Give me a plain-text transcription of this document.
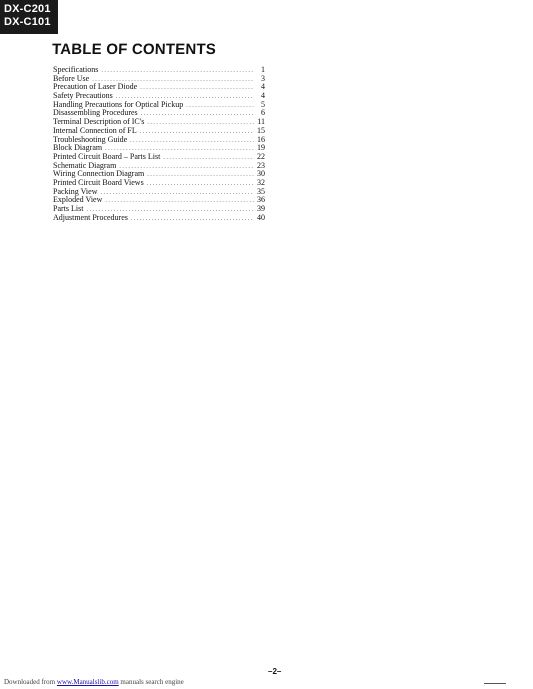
DX-C201
DX-C101
TABLE OF CONTENTS
Specifications .....	1
Before Use .....	3
Precaution of Laser Diode .....	4
Safety Precautions .....	4
Handling Precautions for Optical Pickup .....	5
Disassembling Procedures .....	6
Terminal Description of IC's .....	11
Internal Connection of FL .....	15
Troubleshooting Guide .....	16
Block Diagram .....	19
Printed Circuit Board – Parts List .....	22
Schematic Diagram .....	23
Wiring Connection Diagram .....	30
Printed Circuit Board Views .....	32
Packing View .....	35
Exploded View .....	36
Parts List .....	39
Adjustment Procedures .....	40
–2–
Downloaded from www.Manualslib.com manuals search engine
